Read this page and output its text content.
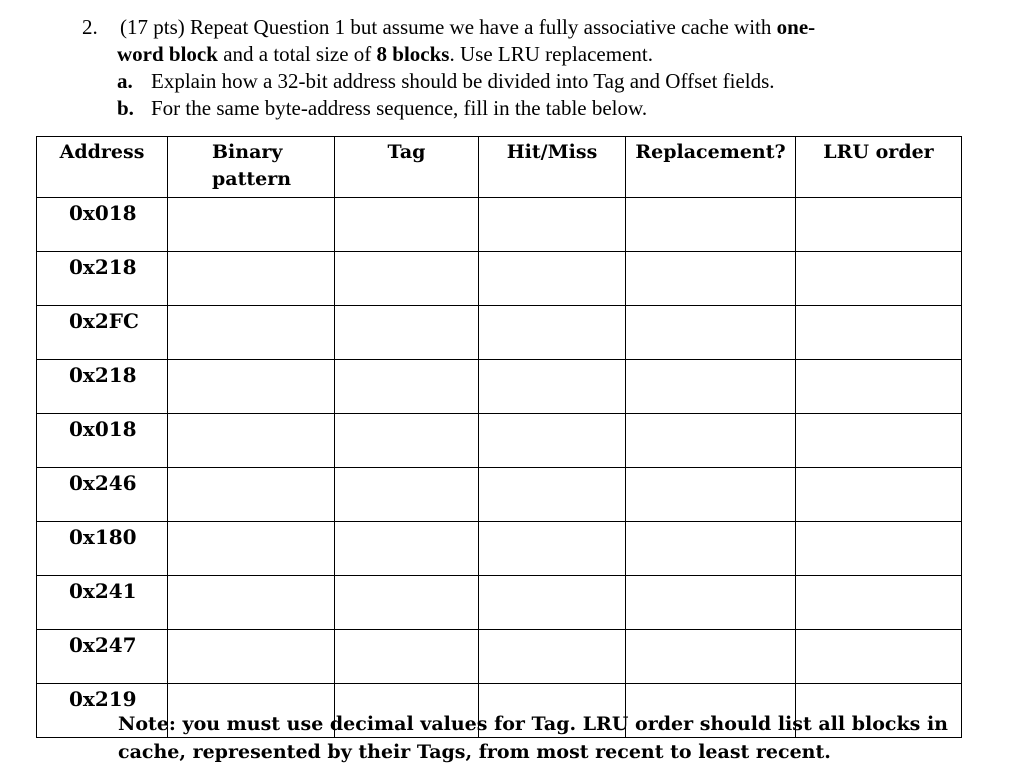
2. (17 pts) Repeat Question 1 but assume we have a fully associative cache with one-
word block and a total size of 8 blocks. Use LRU replacement.
a. Explain how a 32-bit address should be divided into Tag and Offset fields.
b. For the same byte-address sequence, fill in the table below.
Address	Binary
pattern	Tag	Hit/Miss	Replacement?	LRU order
0x018					
0x218					
0x2FC					
0x218					
0x018					
0x246					
0x180					
0x241					
0x247					
0x219					
Note: you must use decimal values for Tag. LRU order should list all blocks in
cache, represented by their Tags, from most recent to least recent.
